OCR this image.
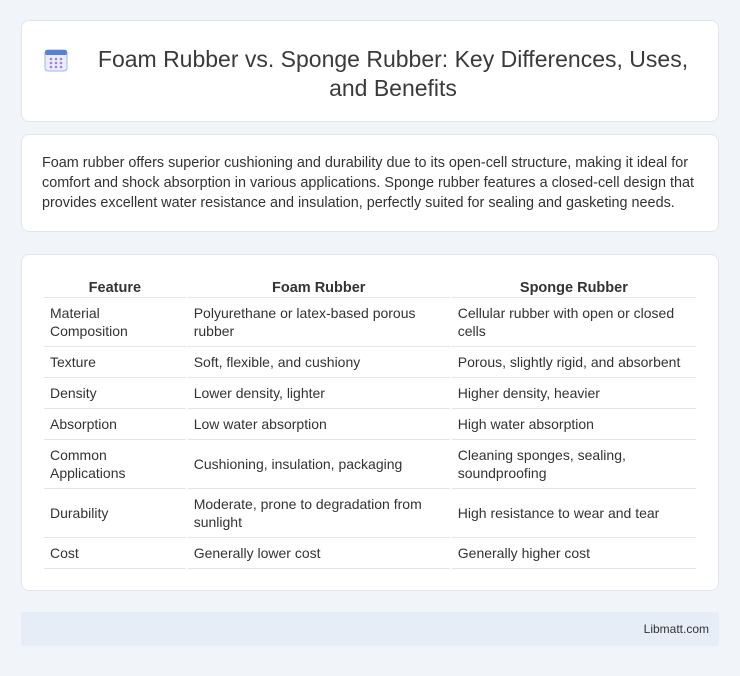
Foam Rubber vs. Sponge Rubber: Key Differences, Uses, and Benefits

Foam rubber offers superior cushioning and durability due to its open-cell structure, making it ideal for comfort and shock absorption in various applications. Sponge rubber features a closed-cell design that provides excellent water resistance and insulation, perfectly suited for sealing and gasketing needs.

Feature	Foam Rubber	Sponge Rubber
Material Composition	Polyurethane or latex-based porous rubber	Cellular rubber with open or closed cells
Texture	Soft, flexible, and cushiony	Porous, slightly rigid, and absorbent
Density	Lower density, lighter	Higher density, heavier
Absorption	Low water absorption	High water absorption
Common Applications	Cushioning, insulation, packaging	Cleaning sponges, sealing, soundproofing
Durability	Moderate, prone to degradation from sunlight	High resistance to wear and tear
Cost	Generally lower cost	Generally higher cost
Libmatt.com
